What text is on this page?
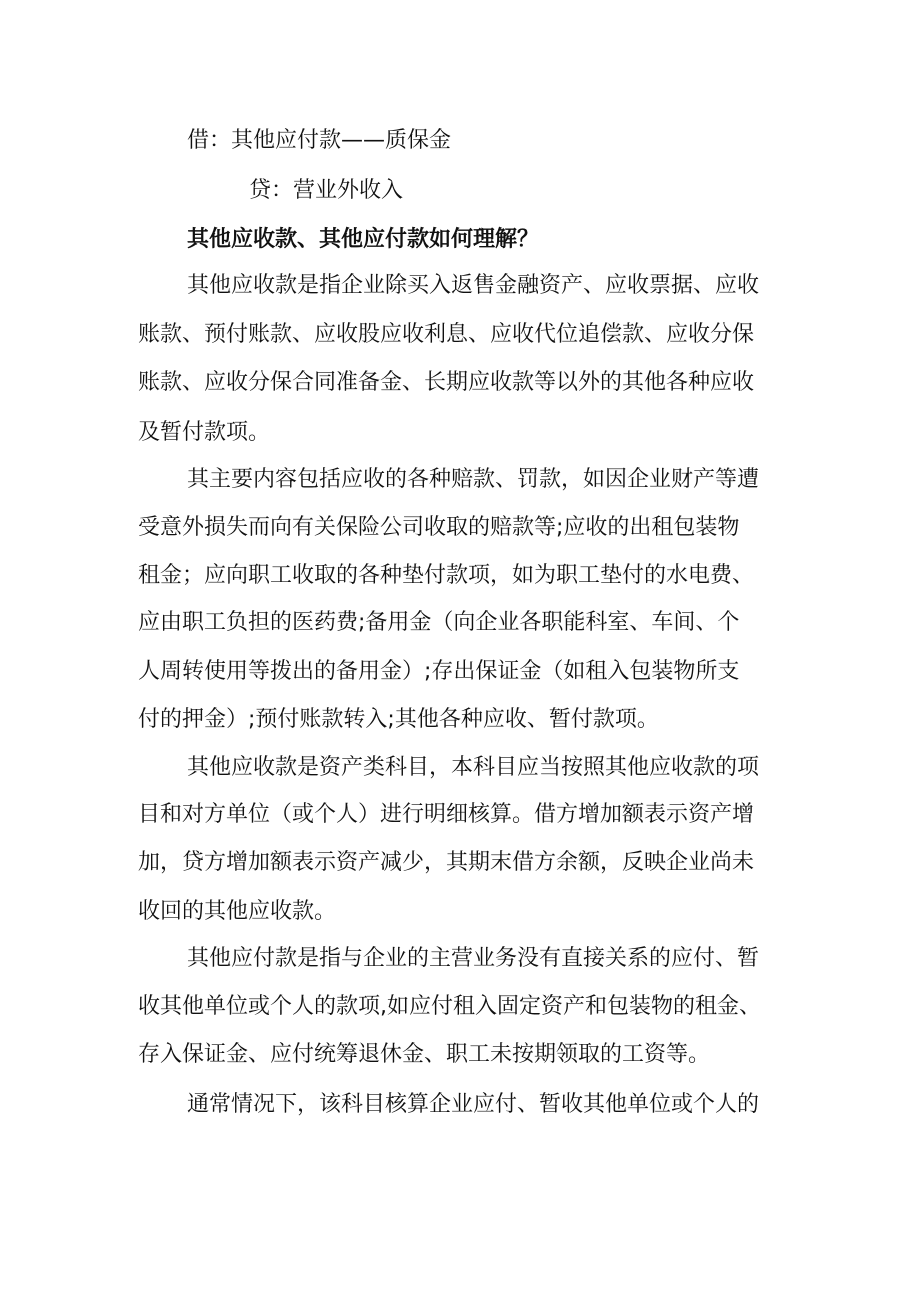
借：其他应付款——质保金
贷：营业外收入
其他应收款、其他应付款如何理解？
其他应收款是指企业除买入返售金融资产、应收票据、应收
账款、预付账款、应收股应收利息、应收代位追偿款、应收分保
账款、应收分保合同准备金、长期应收款等以外的其他各种应收
及暂付款项。
其主要内容包括应收的各种赔款、罚款，如因企业财产等遭
受意外损失而向有关保险公司收取的赔款等;应收的出租包装物
租金；应向职工收取的各种垫付款项，如为职工垫付的水电费、
应由职工负担的医药费;备用金（向企业各职能科室、车间、个
人周转使用等拨出的备用金）;存出保证金（如租入包装物所支
付的押金）;预付账款转入;其他各种应收、暂付款项。
其他应收款是资产类科目，本科目应当按照其他应收款的项
目和对方单位（或个人）进行明细核算。借方增加额表示资产增
加，贷方增加额表示资产减少，其期末借方余额，反映企业尚未
收回的其他应收款。
其他应付款是指与企业的主营业务没有直接关系的应付、暂
收其他单位或个人的款项,如应付租入固定资产和包装物的租金、
存入保证金、应付统筹退休金、职工未按期领取的工资等。
通常情况下，该科目核算企业应付、暂收其他单位或个人的
